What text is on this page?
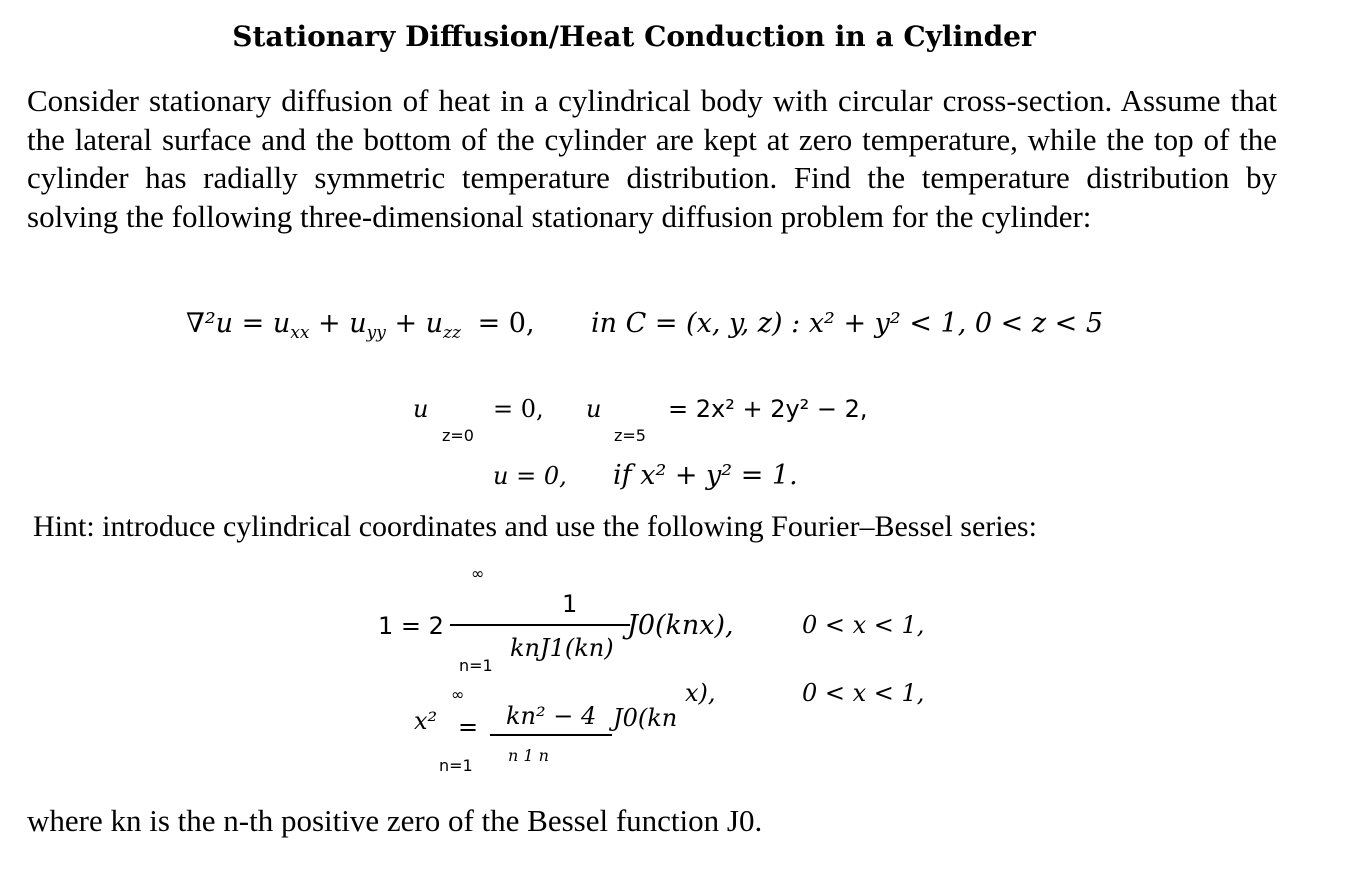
Stationary Diffusion/Heat Conduction in a Cylinder
Consider stationary diffusion of heat in a cylindrical body with circular cross-section. Assume that the lateral surface and the bottom of the cylinder are kept at zero temperature, while the top of the cylinder has radially symmetric temperature distribution. Find the temperature distribution by solving the following three-dimensional stationary diffusion problem for the cylinder:
$\nabla^2u = u_{xx} + u_{yy} + u_{zz} = 0$, in C = (x, y, z) : x² + y² < 1, 0 < z < 5
u	= 0,
z=0
u	= 2x² + 2y² − 2,
z=5
u = 0, if x² + y² = 1.
Hint: introduce cylindrical coordinates and use the following Fourier–Bessel series:
∞
1 = 2
1
knJ1(kn)
J0(knx),
n=1
0 < x < 1,
∞
x² = kn² − 4 J0(kn
x),
n 1 n
n=1
0 < x < 1,
where kn is the n-th positive zero of the Bessel function J0.
